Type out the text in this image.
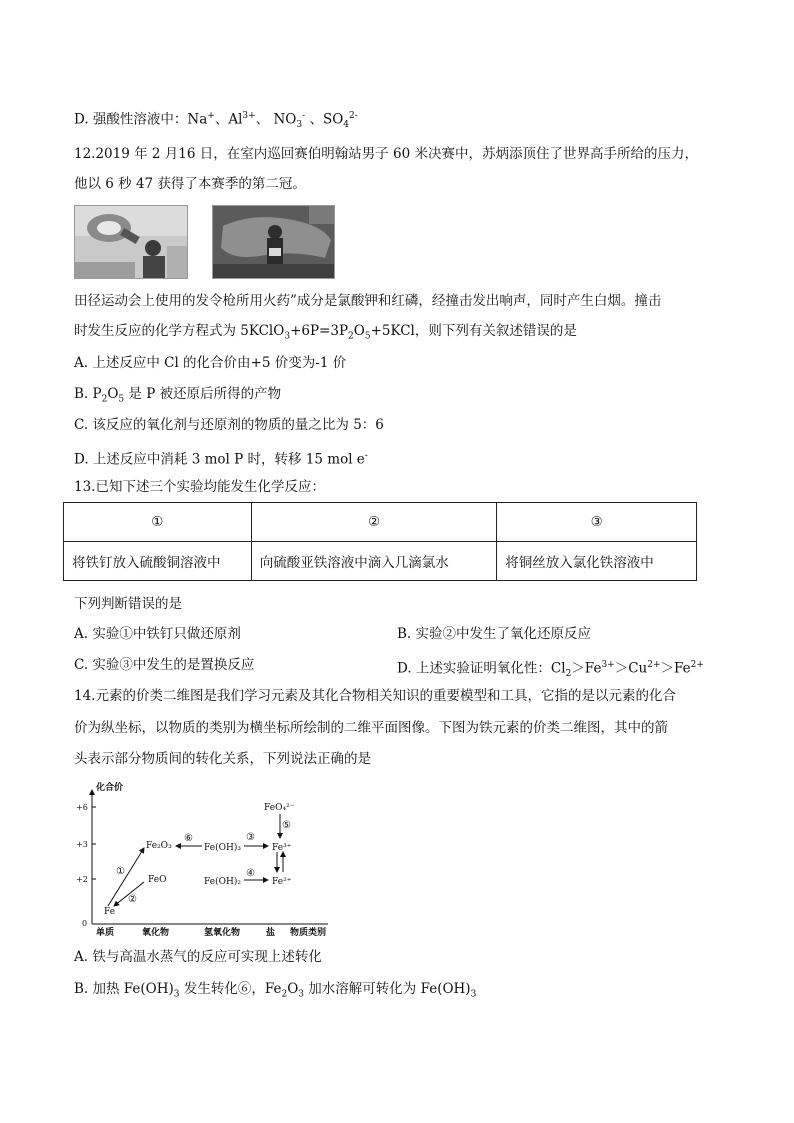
D. 强酸性溶液中：Na+、$Al^{3+}$、 $NO_3^-$ 、$SO_4^{2-}$
12.2019 年 2 月16 日，在室内巡回赛伯明翰站男子 60 米决赛中，苏炳添顶住了世界高手所给的压力，
他以 6 秒 47 获得了本赛季的第二冠。
田径运动会上使用的发令枪所用火药”成分是氯酸钾和红磷，经撞击发出响声，同时产生白烟。撞击
时发生反应的化学方程式为 $5KClO_3+6P=3P_2O_5+5KCl$，则下列有关叙述错误的是
A. 上述反应中 Cl 的化合价由+5 价变为-1 价
B. $P_2O_5$ 是 P 被还原后所得的产物
C. 该反应的氧化剂与还原剂的物质的量之比为 5：6
D. 上述反应中消耗 3 mol P 时，转移 15 mol e-
13.已知下述三个实验均能发生化学反应：
①	②	③
将铁钉放入硫酸铜溶液中	向硫酸亚铁溶液中滴入几滴氯水	将铜丝放入氯化铁溶液中
下列判断错误的是
A. 实验①中铁钉只做还原剂	B. 实验②中发生了氧化还原反应
C. 实验③中发生的是置换反应	D. 上述实验证明氧化性：$Cl_2>Fe^{3+}>Cu^{2+}>Fe^{2+}$
14.元素的价类二维图是我们学习元素及其化合物相关知识的重要模型和工具，它指的是以元素的化合
价为纵坐标，以物质的类别为横坐标所绘制的二维平面图像。下图为铁元素的价类二维图，其中的箭
头表示部分物质间的转化关系，下列说法正确的是
化合价
+6
+3
+2
0
单质	氧化物	氢氧化物	盐 物质类别
Fe
FeO
Fe₂O₃	Fe(OH)₃
Fe(OH)₂
Fe³⁺
Fe²⁺
FeO₄²⁻
①
②
③
④
⑤
⑥
A. 铁与高温水蒸气的反应可实现上述转化
B. 加热 $Fe(OH)_3$ 发生转化⑥，$Fe_2O_3$ 加水溶解可转化为 $Fe(OH)_3$
